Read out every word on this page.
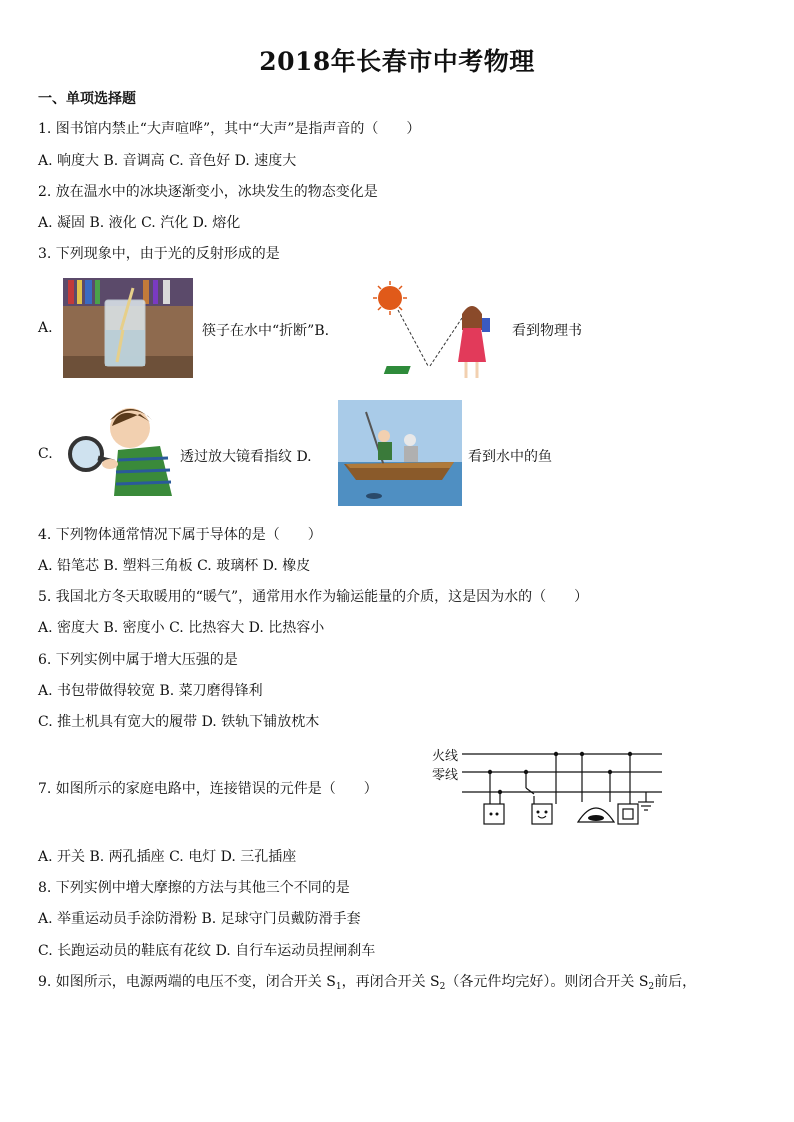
2018年长春市中考物理
一、单项选择题
1. 图书馆内禁止“大声喧哗”，其中“大声”是指声音的（　　）
A. 响度大 B. 音调高 C. 音色好 D. 速度大
2. 放在温水中的冰块逐渐变小，冰块发生的物态变化是
A. 凝固 B. 液化 C. 汽化 D. 熔化
3. 下列现象中，由于光的反射形成的是
A.	筷子在水中“折断”B.	看到物理书
C.	透过放大镜看指纹 D.	看到水中的鱼
4. 下列物体通常情况下属于导体的是（　　）
A. 铅笔芯 B. 塑料三角板 C. 玻璃杯 D. 橡皮
5. 我国北方冬天取暖用的“暖气”，通常用水作为输运能量的介质，这是因为水的（　　）
A. 密度大 B. 密度小 C. 比热容大 D. 比热容小
6. 下列实例中属于增大压强的是
A. 书包带做得较宽 B. 菜刀磨得锋利
C. 推土机具有宽大的履带 D. 铁轨下铺放枕木
7. 如图所示的家庭电路中，连接错误的元件是（　　）
火线
零线
A. 开关 B. 两孔插座 C. 电灯 D. 三孔插座
8. 下列实例中增大摩擦的方法与其他三个不同的是
A. 举重运动员手涂防滑粉 B. 足球守门员戴防滑手套
C. 长跑运动员的鞋底有花纹 D. 自行车运动员捏闸刹车
9. 如图所示，电源两端的电压不变，闭合开关 $S_1$，再闭合开关 $S_2$（各元件均完好）。则闭合开关 $S_2$前后，
